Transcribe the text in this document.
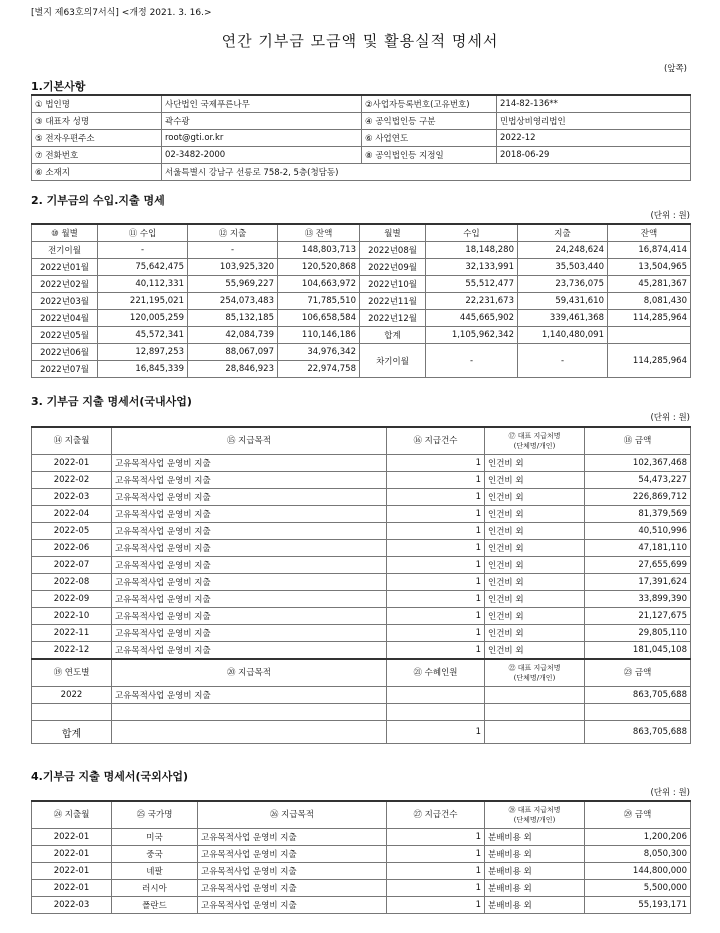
[별지 제63호의7서식] <개정 2021. 3. 16.>
연간 기부금 모금액 및 활용실적 명세서
(앞쪽)
1.기본사항
① 법인명	사단법인 국제푸른나무	②사업자등록번호(고유번호)	214-82-136**
③ 대표자 성명	곽수광	④ 공익법인등 구분	민법상비영리법인
⑤ 전자우편주소	root@gti.or.kr	⑥ 사업연도	2022-12
⑦ 전화번호	02-3482-2000	⑧ 공익법인등 지정일	2018-06-29
⑥ 소재지	서울특별시 강남구 선릉로 758-2, 5층(청담동)		
2. 기부금의 수입.지출 명세
(단위 : 원)
⑩ 월별	⑪ 수입	⑫ 지출	⑬ 잔액	월별	수입	지출	잔액
전기이월	-	-	148,803,713	2022년08월	18,148,280	24,248,624	16,874,414
2022년01월	75,642,475	103,925,320	120,520,868	2022년09월	32,133,991	35,503,440	13,504,965
2022년02월	40,112,331	55,969,227	104,663,972	2022년10월	55,512,477	23,736,075	45,281,367
2022년03월	221,195,021	254,073,483	71,785,510	2022년11월	22,231,673	59,431,610	8,081,430
2022년04월	120,005,259	85,132,185	106,658,584	2022년12월	445,665,902	339,461,368	114,285,964
2022년05월	45,572,341	42,084,739	110,146,186	합계	1,105,962,342	1,140,480,091	
2022년06월	12,897,253	88,067,097	34,976,342	차기이월	-	-	114,285,964
2022년07월	16,845,339	28,846,923	22,974,758				
3. 기부금 지출 명세서(국내사업)
(단위 : 원)
⑭ 지출월	⑮ 지급목적	⑯ 지급건수	⑰ 대표 지급처명
(단체명/개인)	⑱ 금액
2022-01	고유목적사업 운영비 지출	1	인건비 외	102,367,468
2022-02	고유목적사업 운영비 지출	1	인건비 외	54,473,227
2022-03	고유목적사업 운영비 지출	1	인건비 외	226,869,712
2022-04	고유목적사업 운영비 지출	1	인건비 외	81,379,569
2022-05	고유목적사업 운영비 지출	1	인건비 외	40,510,996
2022-06	고유목적사업 운영비 지출	1	인건비 외	47,181,110
2022-07	고유목적사업 운영비 지출	1	인건비 외	27,655,699
2022-08	고유목적사업 운영비 지출	1	인건비 외	17,391,624
2022-09	고유목적사업 운영비 지출	1	인건비 외	33,899,390
2022-10	고유목적사업 운영비 지출	1	인건비 외	21,127,675
2022-11	고유목적사업 운영비 지출	1	인건비 외	29,805,110
2022-12	고유목적사업 운영비 지출	1	인건비 외	181,045,108
⑲ 연도별	⑳ 지급목적	㉑ 수혜인원	㉒ 대표 지급처명
(단체명/개인)	㉓ 금액
2022	고유목적사업 운영비 지출			863,705,688

합계		1		863,705,688
4.기부금 지출 명세서(국외사업)
(단위 : 원)
㉔ 지출월	㉕ 국가명	㉖ 지급목적	㉗ 지급건수	㉘ 대표 지급처명
(단체명/개인)	㉙ 금액
2022-01	미국	고유목적사업 운영비 지출	1	분배비용 외	1,200,206
2022-01	중국	고유목적사업 운영비 지출	1	분배비용 외	8,050,300
2022-01	네팔	고유목적사업 운영비 지출	1	분배비용 외	144,800,000
2022-01	러시아	고유목적사업 운영비 지출	1	분배비용 외	5,500,000
2022-03	폴란드	고유목적사업 운영비 지출	1	분배비용 외	55,193,171
